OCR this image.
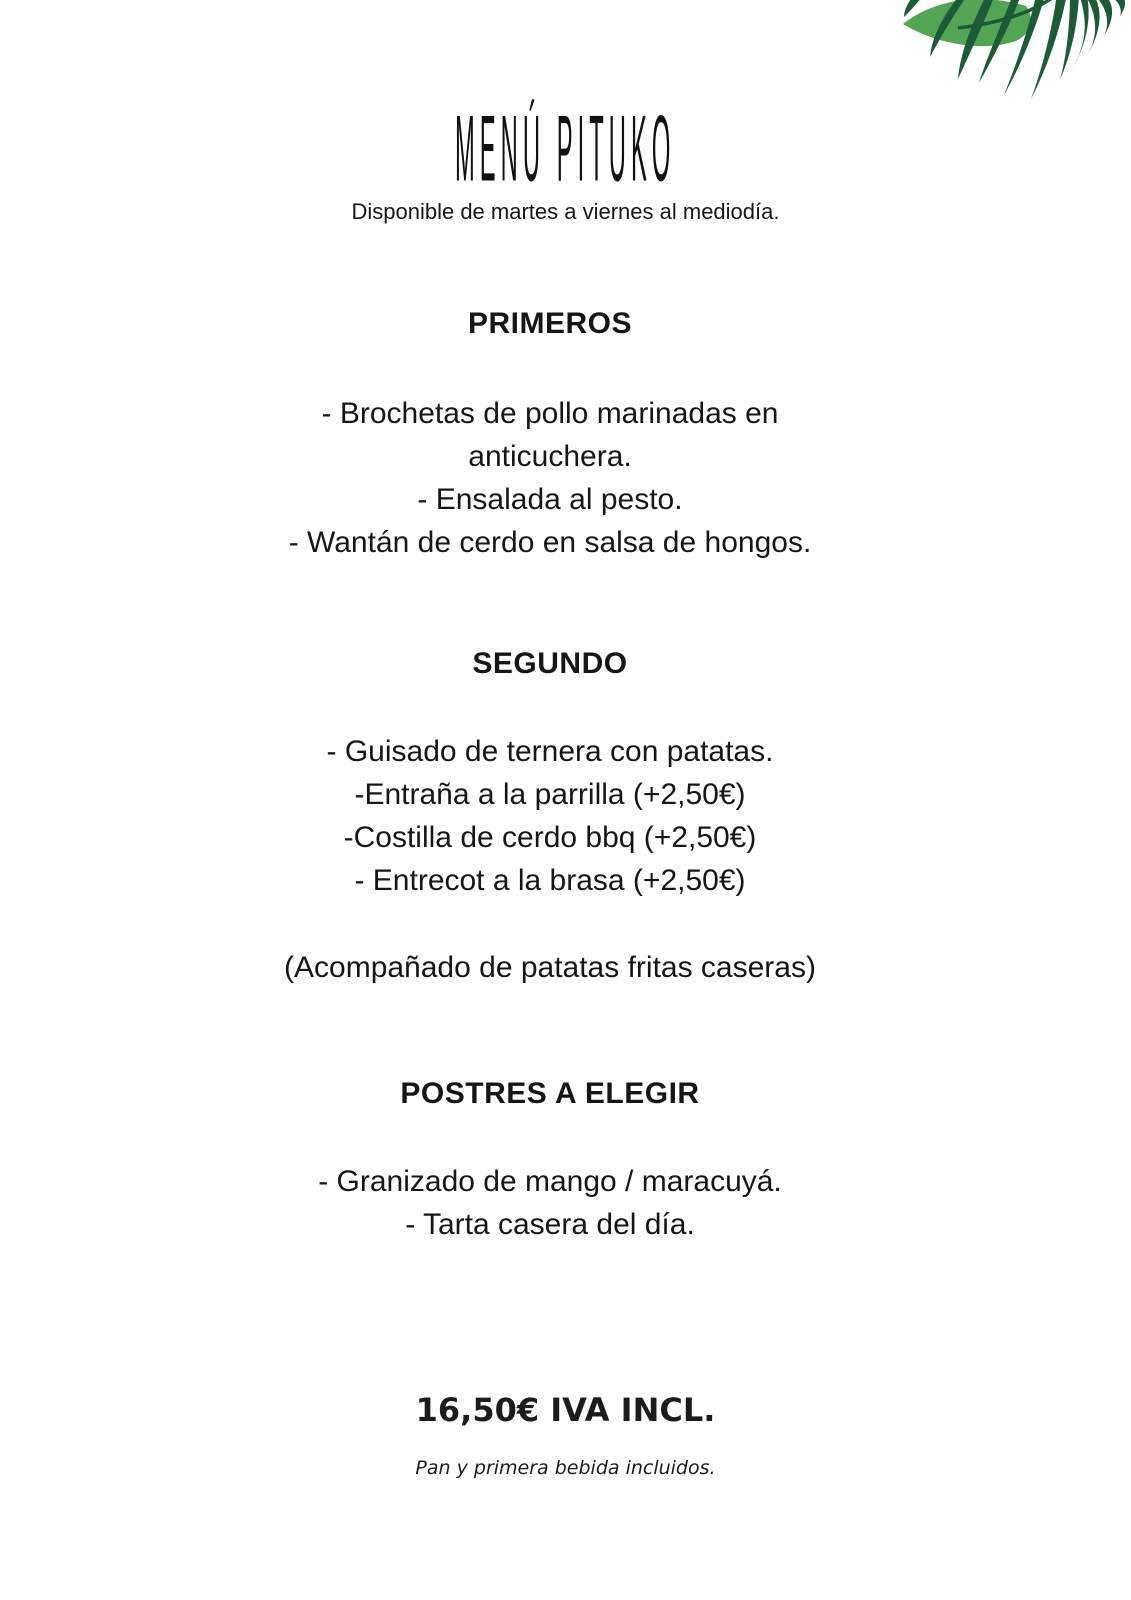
MENÚ PITUKO
Disponible de martes a viernes al mediodía.
PRIMEROS
- Brochetas de pollo marinadas en
anticuchera.
- Ensalada al pesto.
- Wantán de cerdo en salsa de hongos.
SEGUNDO
- Guisado de ternera con patatas.
-Entraña a la parrilla (+2,50€)
-Costilla de cerdo bbq (+2,50€)
- Entrecot a la brasa (+2,50€)
(Acompañado de patatas fritas caseras)
POSTRES A ELEGIR
- Granizado de mango / maracuyá.
- Tarta casera del día.
16,50€ IVA INCL.
Pan y primera bebida incluidos.
